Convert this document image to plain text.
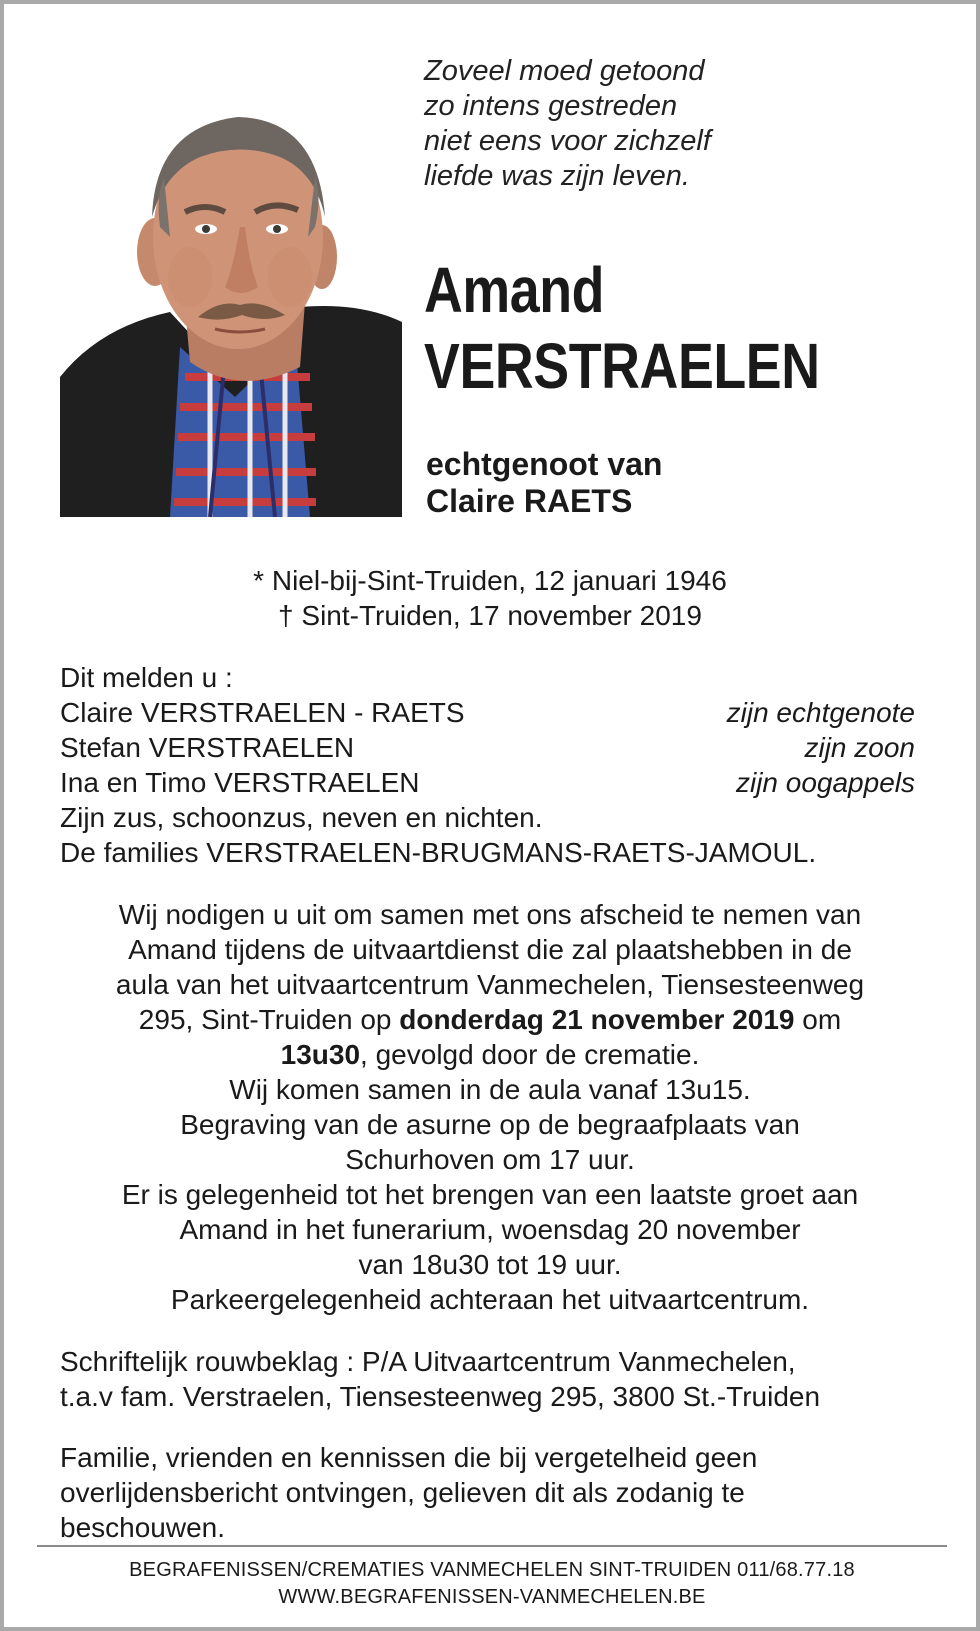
Zoveel moed getoond
zo intens gestreden
niet eens voor zichzelf
liefde was zijn leven.
Amand
VERSTRAELEN
echtgenoot van
Claire RAETS
* Niel-bij-Sint-Truiden, 12 januari 1946
† Sint-Truiden, 17 november 2019
Dit melden u :
Claire VERSTRAELEN - RAETS	zijn echtgenote
Stefan VERSTRAELEN	zijn zoon
Ina en Timo VERSTRAELEN	zijn oogappels
Zijn zus, schoonzus, neven en nichten.
De families VERSTRAELEN-BRUGMANS-RAETS-JAMOUL.
Wij nodigen u uit om samen met ons afscheid te nemen van
Amand tijdens de uitvaartdienst die zal plaatshebben in de
aula van het uitvaartcentrum Vanmechelen, Tiensesteenweg
295, Sint-Truiden op donderdag 21 november 2019 om
13u30, gevolgd door de crematie.
Wij komen samen in de aula vanaf 13u15.
Begraving van de asurne op de begraafplaats van
Schurhoven om 17 uur.
Er is gelegenheid tot het brengen van een laatste groet aan
Amand in het funerarium, woensdag 20 november
van 18u30 tot 19 uur.
Parkeergelegenheid achteraan het uitvaartcentrum.
Schriftelijk rouwbeklag : P/A Uitvaartcentrum Vanmechelen,
t.a.v fam. Verstraelen, Tiensesteenweg 295, 3800 St.-Truiden
Familie, vrienden en kennissen die bij vergetelheid geen
overlijdensbericht ontvingen, gelieven dit als zodanig te
beschouwen.
BEGRAFENISSEN/CREMATIES VANMECHELEN SINT-TRUIDEN 011/68.77.18
WWW.BEGRAFENISSEN-VANMECHELEN.BE
